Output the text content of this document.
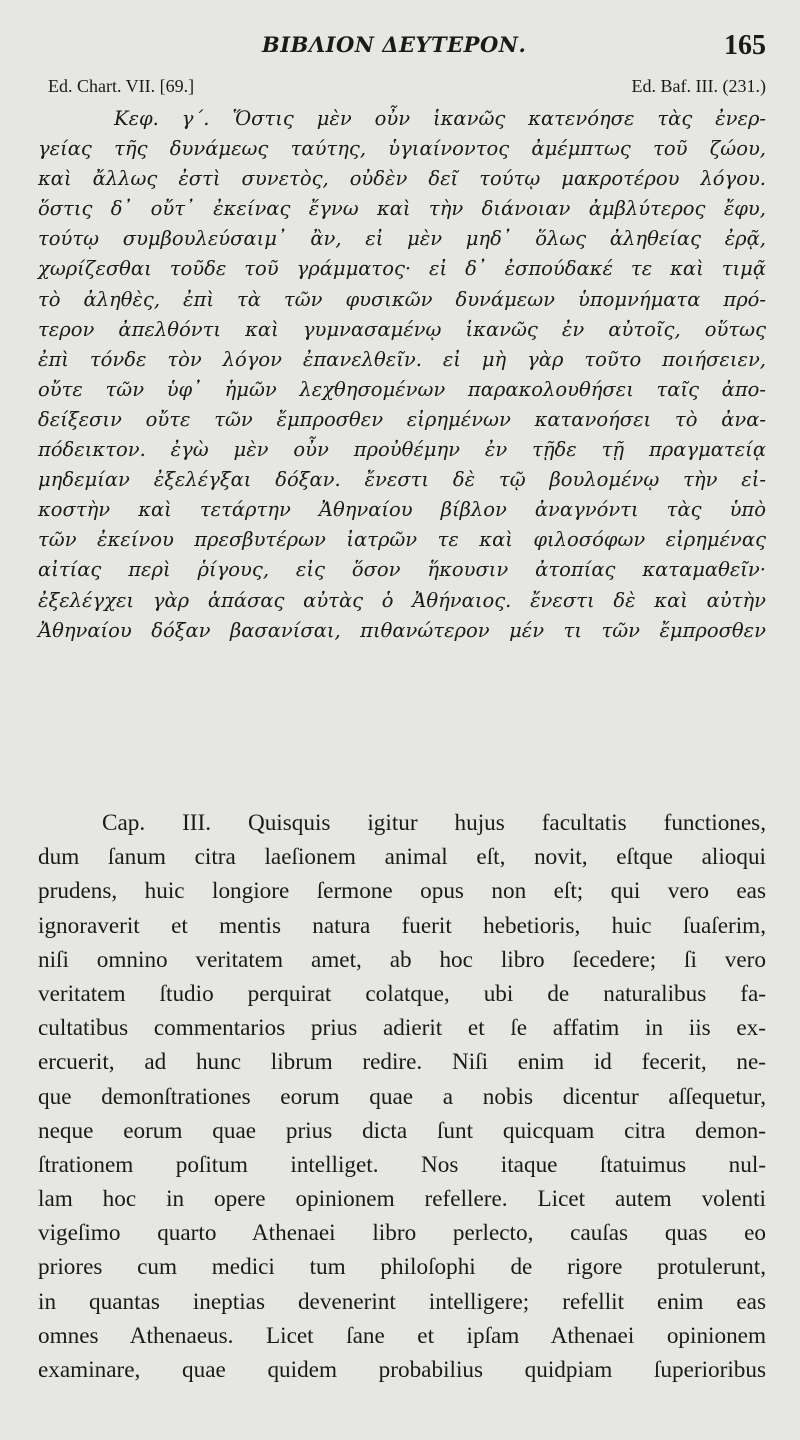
ΒΙΒΛΙΟΝ ΔΕΥΤΕΡΟΝ.	165
Ed. Chart. VII. [69.]	Ed. Baf. III. (231.)
Κεφ. γ΄. Ὅστις μὲν οὖν ἱκανῶς κατενόησε τὰς ἐνερ-
γείας τῆς δυνάμεως ταύτης, ὑγιαίνοντος ἀμέμπτως τοῦ ζώου,
καὶ ἄλλως ἐστὶ συνετὸς, οὐδὲν δεῖ τούτῳ μακροτέρου λόγου.
ὅστις δ᾽ οὔτ᾽ ἐκείνας ἔγνω καὶ τὴν διάνοιαν ἀμβλύτερος ἔφυ,
τούτῳ συμβουλεύσαιμ᾽ ἂν, εἰ μὲν μηδ᾽ ὅλως ἀληθείας ἐρᾷ,
χωρίζεσθαι τοῦδε τοῦ γράμματος· εἰ δ᾽ ἐσπούδακέ τε καὶ τιμᾷ
τὸ ἀληθὲς, ἐπὶ τὰ τῶν φυσικῶν δυνάμεων ὑπομνήματα πρό-
τερον ἀπελθόντι καὶ γυμνασαμένῳ ἱκανῶς ἐν αὐτοῖς, οὕτως
ἐπὶ τόνδε τὸν λόγον ἐπανελθεῖν. εἰ μὴ γὰρ τοῦτο ποιήσειεν,
οὔτε τῶν ὑφ᾽ ἡμῶν λεχθησομένων παρακολουθήσει ταῖς ἀπο-
δείξεσιν οὔτε τῶν ἔμπροσθεν εἰρημένων κατανοήσει τὸ ἀνα-
πόδεικτον. ἐγὼ μὲν οὖν προὐθέμην ἐν τῇδε τῇ πραγματείᾳ
μηδεμίαν ἐξελέγξαι δόξαν. ἔνεστι δὲ τῷ βουλομένῳ τὴν εἰ-
κοστὴν καὶ τετάρτην Ἀθηναίου βίβλον ἀναγνόντι τὰς ὑπὸ
τῶν ἐκείνου πρεσβυτέρων ἰατρῶν τε καὶ φιλοσόφων εἰρημένας
αἰτίας περὶ ῥίγους, εἰς ὅσον ἥκουσιν ἀτοπίας καταμαθεῖν·
ἐξελέγχει γὰρ ἁπάσας αὐτὰς ὁ Ἀθήναιος. ἔνεστι δὲ καὶ αὐτὴν
Ἀθηναίου δόξαν βασανίσαι, πιθανώτερον μέν τι τῶν ἔμπροσθεν
Cap. III. Quisquis igitur hujus facultatis functiones,
dum ſanum citra laeſionem animal eſt, novit, eſtque alioqui
prudens, huic longiore ſermone opus non eſt; qui vero eas
ignoraverit et mentis natura fuerit hebetioris, huic ſuaſerim,
niſi omnino veritatem amet, ab hoc libro ſecedere; ſi vero
veritatem ſtudio perquirat colatque, ubi de naturalibus fa-
cultatibus commentarios prius adierit et ſe affatim in iis ex-
ercuerit, ad hunc librum redire. Niſi enim id fecerit, ne-
que demonſtrationes eorum quae a nobis dicentur aſſequetur,
neque eorum quae prius dicta ſunt quicquam citra demon-
ſtrationem poſitum intelliget. Nos itaque ſtatuimus nul-
lam hoc in opere opinionem refellere. Licet autem volenti
vigeſimo quarto Athenaei libro perlecto, cauſas quas eo
priores cum medici tum philoſophi de rigore protulerunt,
in quantas ineptias devenerint intelligere; refellit enim eas
omnes Athenaeus. Licet ſane et ipſam Athenaei opinionem
examinare, quae quidem probabilius quidpiam ſuperioribus
